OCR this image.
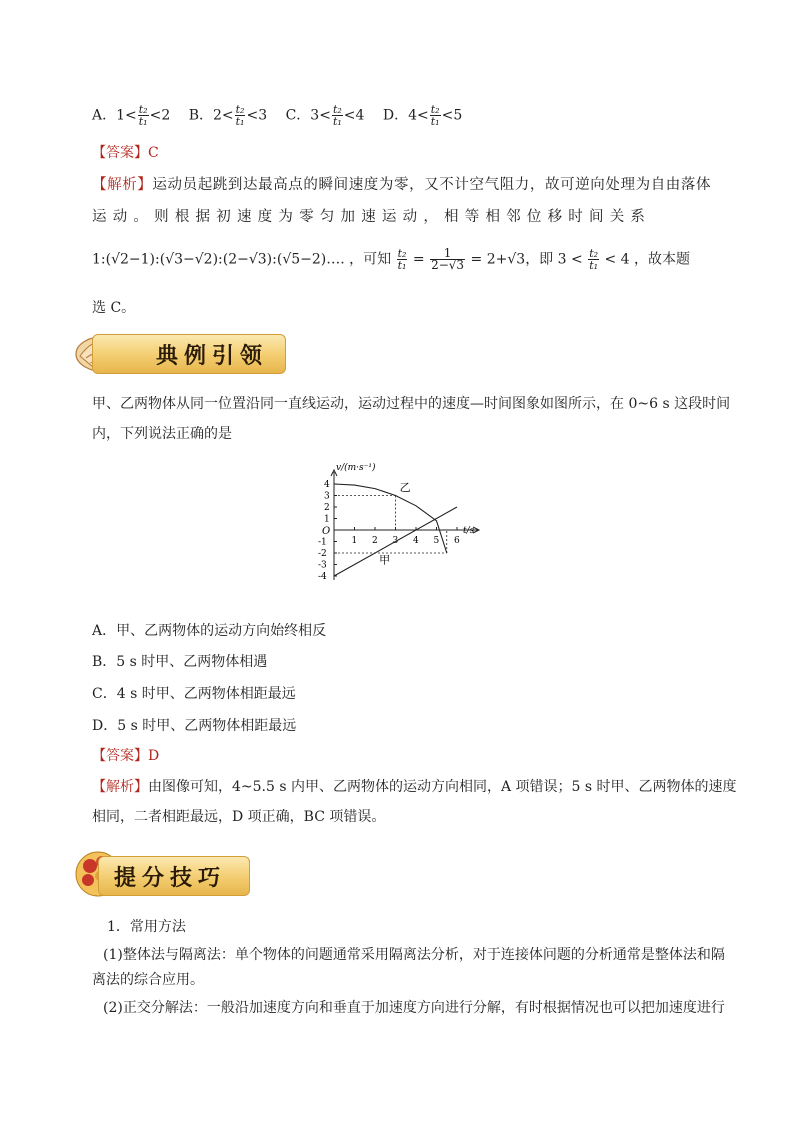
A．$1< \frac{\text{t₂}}{\text{t₁}} <2$ B．$2< \frac{\text{t₂}}{\text{t₁}} <3$ C．$3< \frac{\text{t₂}}{\text{t₁}} <4$ D．$4< \frac{\text{t₂}}{\text{t₁}} <5$
【答案】C
【解析】运动员起跳到达最高点的瞬间速度为零，又不计空气阻力，故可逆向处理为自由落体
运 动 。 则 根 据 初 速 度 为 零 匀 加 速 运 动 ， 相 等 相 邻 位 移 时 间 关 系
1:(√2−1):(√3−√2):(2−√3):(√5−2)…. ，可知 $\frac{\text{t₂}}{\text{t₁}} = \frac{1}{2-√3} = 2+√3$，即 $3 < \frac{\text{t₂}}{\text{t₁}} < 4$ ，故本题
选 C。
典例引领
甲、乙两物体从同一位置沿同一直线运动，运动过程中的速度—时间图象如图所示，在 0~6 s 这段时间
内，下列说法正确的是
O
v/(m·s⁻¹)
t/s
1 2 3 4 5 6
4
3
2
1
-1
-2
-3
-4
乙
甲
A．甲、乙两物体的运动方向始终相反
B．5 s 时甲、乙两物体相遇
C．4 s 时甲、乙两物体相距最远
D．5 s 时甲、乙两物体相距最远
【答案】D
【解析】由图像可知，4~5.5 s 内甲、乙两物体的运动方向相同，A 项错误；5 s 时甲、乙两物体的速度
相同，二者相距最远，D 项正确，BC 项错误。
提分技巧
1．常用方法
(1)整体法与隔离法：单个物体的问题通常采用隔离法分析，对于连接体问题的分析通常是整体法和隔
离法的综合应用。
(2)正交分解法：一般沿加速度方向和垂直于加速度方向进行分解，有时根据情况也可以把加速度进行
